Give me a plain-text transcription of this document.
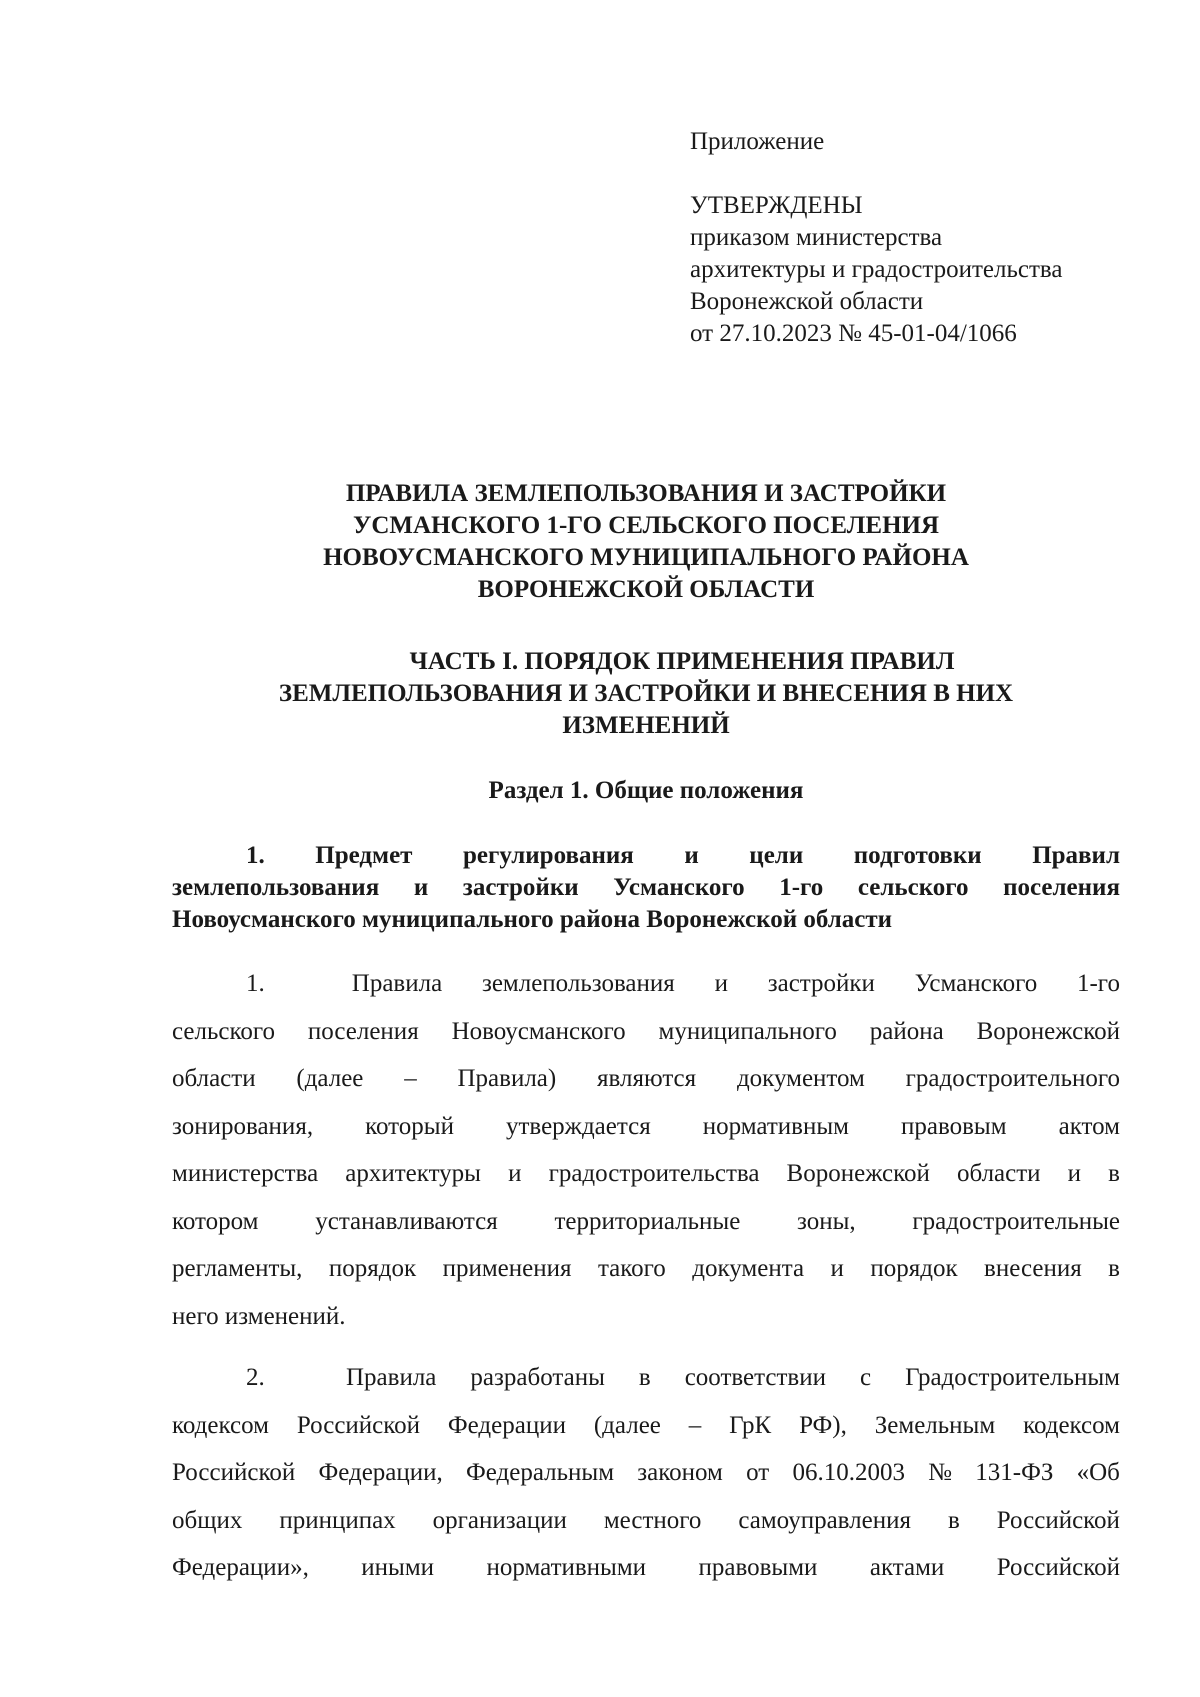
Приложение
УТВЕРЖДЕНЫ
приказом министерства
архитектуры и градостроительства
Воронежской области
от 27.10.2023 № 45-01-04/1066
ПРАВИЛА ЗЕМЛЕПОЛЬЗОВАНИЯ И ЗАСТРОЙКИ
УСМАНСКОГО 1-ГО СЕЛЬСКОГО ПОСЕЛЕНИЯ
НОВОУСМАНСКОГО МУНИЦИПАЛЬНОГО РАЙОНА
ВОРОНЕЖСКОЙ ОБЛАСТИ
ЧАСТЬ I. ПОРЯДОК ПРИМЕНЕНИЯ ПРАВИЛ
ЗЕМЛЕПОЛЬЗОВАНИЯ И ЗАСТРОЙКИ И ВНЕСЕНИЯ В НИХ
ИЗМЕНЕНИЙ
Раздел 1. Общие положения
1. Предмет регулирования и цели подготовки Правил
землепользования и застройки Усманского 1-го сельского поселения
Новоусманского муниципального района Воронежской области
1.	Правила землепользования и застройки Усманского 1-го
сельского поселения Новоусманского муниципального района Воронежской
области (далее – Правила) являются документом градостроительного
зонирования, который утверждается нормативным правовым актом
министерства архитектуры и градостроительства Воронежской области и в
котором устанавливаются территориальные зоны, градостроительные
регламенты, порядок применения такого документа и порядок внесения в
него изменений.
2.	Правила разработаны в соответствии с Градостроительным
кодексом Российской Федерации (далее – ГрК РФ), Земельным кодексом
Российской Федерации, Федеральным законом от 06.10.2003 № 131-ФЗ «Об
общих принципах организации местного самоуправления в Российской
Федерации», иными нормативными правовыми актами Российской
